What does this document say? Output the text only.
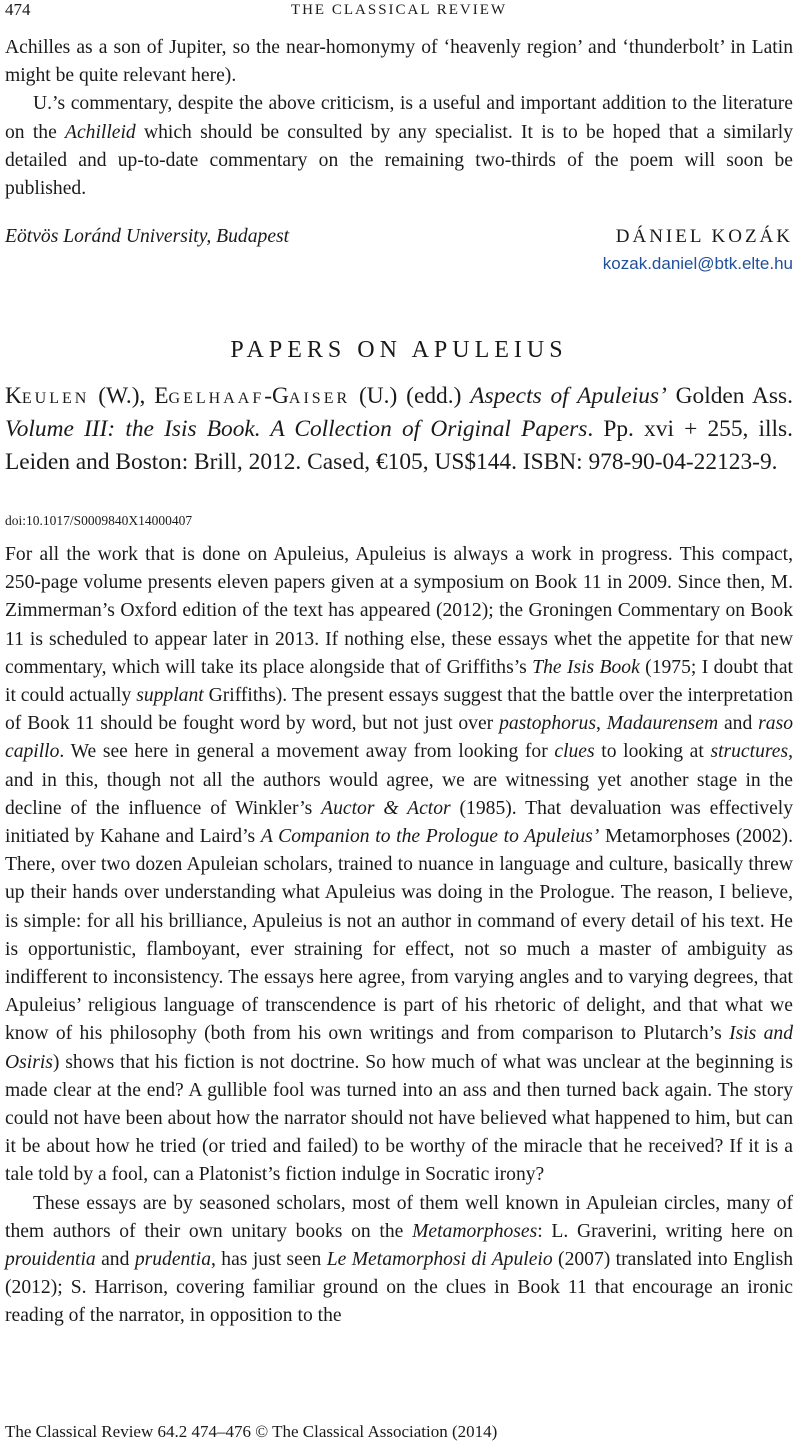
474	THE CLASSICAL REVIEW

Achilles as a son of Jupiter, so the near-homonymy of ‘heavenly region’ and ‘thunderbolt’ in Latin might be quite relevant here).

U.’s commentary, despite the above criticism, is a useful and important addition to the literature on the Achilleid which should be consulted by any specialist. It is to be hoped that a similarly detailed and up-to-date commentary on the remaining two-thirds of the poem will soon be published.

Eötvös Loránd University, Budapest	DÁNIEL KOZÁK
kozak.daniel@btk.elte.hu
PAPERS ON APULEIUS
Keulen (W.), Egelhaaf-Gaiser (U.) (edd.) Aspects of Apuleius’ Golden Ass. Volume III: the Isis Book. A Collection of Original Papers. Pp. xvi + 255, ills. Leiden and Boston: Brill, 2012. Cased, €105, US$144. ISBN: 978-90-04-22123-9.
doi:10.1017/S0009840X14000407

For all the work that is done on Apuleius, Apuleius is always a work in progress. This compact, 250-page volume presents eleven papers given at a symposium on Book 11 in 2009. Since then, M. Zimmerman’s Oxford edition of the text has appeared (2012); the Groningen Commentary on Book 11 is scheduled to appear later in 2013. If nothing else, these essays whet the appetite for that new commentary, which will take its place alongside that of Griffiths’s The Isis Book (1975; I doubt that it could actually supplant Griffiths). The present essays suggest that the battle over the interpretation of Book 11 should be fought word by word, but not just over pastophorus, Madaurensem and raso capillo. We see here in general a movement away from looking for clues to looking at structures, and in this, though not all the authors would agree, we are witnessing yet another stage in the decline of the influence of Winkler’s Auctor & Actor (1985). That devaluation was effectively initiated by Kahane and Laird’s A Companion to the Prologue to Apuleius’ Metamorphoses (2002). There, over two dozen Apuleian scholars, trained to nuance in language and culture, basically threw up their hands over understanding what Apuleius was doing in the Prologue. The reason, I believe, is simple: for all his brilliance, Apuleius is not an author in command of every detail of his text. He is opportunistic, flamboyant, ever straining for effect, not so much a master of ambiguity as indifferent to inconsistency. The essays here agree, from varying angles and to varying degrees, that Apuleius’ religious language of transcendence is part of his rhetoric of delight, and that what we know of his philosophy (both from his own writings and from comparison to Plutarch’s Isis and Osiris) shows that his fiction is not doctrine. So how much of what was unclear at the beginning is made clear at the end? A gullible fool was turned into an ass and then turned back again. The story could not have been about how the narrator should not have believed what happened to him, but can it be about how he tried (or tried and failed) to be worthy of the miracle that he received? If it is a tale told by a fool, can a Platonist’s fiction indulge in Socratic irony?

These essays are by seasoned scholars, most of them well known in Apuleian circles, many of them authors of their own unitary books on the Metamorphoses: L. Graverini, writing here on prouidentia and prudentia, has just seen Le Metamorphosi di Apuleio (2007) translated into English (2012); S. Harrison, covering familiar ground on the clues in Book 11 that encourage an ironic reading of the narrator, in opposition to the

The Classical Review 64.2 474–476 © The Classical Association (2014)
